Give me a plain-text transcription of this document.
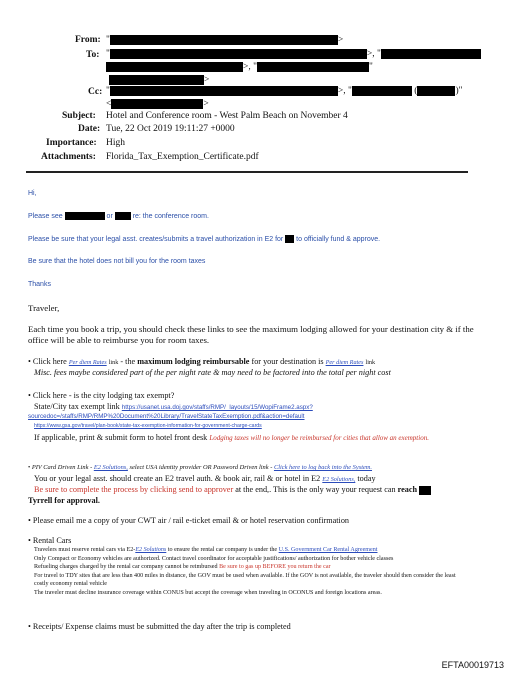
From: "	>
To: "	>, "
>, "	"
>
Cc: "	>, "	(	)"
<	>
Subject: Hotel and Conference room - West Palm Beach on November 4
Date: Tue, 22 Oct 2019 19:11:27 +0000
Importance: High
Attachments: Florida_Tax_Exemption_Certificate.pdf
Hi,
Please see	or	re: the conference room.
Please be sure that your legal asst. creates/submits a travel authorization in E2 for to officially fund & approve.
Be sure that the hotel does not bill you for the room taxes
Thanks
Traveler,
Each time you book a trip, you should check these links to see the maximum lodging allowed for your destination city & if the office will be able to reimburse you for room taxes.
• Click here Per diem Rates link - the maximum lodging reimbursable for your destination is Per diem Rates link
Misc. fees maybe considered part of the per night rate & may need to be factored into the total per night cost
• Click here - is the city lodging tax exempt?
State/City tax exempt link https://usanet.usa.doj.gov/staffs/RMP/_layouts/15/WopiFrame2.aspx?
sourcedoc=/staffs/RMP/RMP%20Document%20Library/TravelStateTaxExemption.pdf&action=default
https://www.gsa.gov/travel/plan-book/state-tax-exemption-information-for-government-charge-cards
If applicable, print & submit form to hotel front desk Lodging taxes will no longer be reimbursed for cities that allow an exemption.
• PIV Card Driven Link - E2 Solutions, select USA identity provider OR Password Driven link - Click here to log back into the System.
You or your legal asst. should create an E2 travel auth. & book air, rail & or hotel in E2 E2 Solutions, today
Be sure to complete the process by clicking send to approver at the end,. This is the only way your request can reach
Tyrrell for approval.
• Please email me a copy of your CWT air / rail e-ticket email & or hotel reservation confirmation
• Rental Cars

Travelers must reserve rental cars via E2-E2 Solutions to ensure the rental car company is under the U.S. Government Car Rental Agreement

Only Compact or Economy vehicles are authorized. Contact travel coordinator for acceptable justifications/ authorization for bother vehicle classes

Refueling charges charged by the rental car company cannot be reimbursed Be sure to gas up BEFORE you return the car

For travel to TDY sites that are less than 400 miles in distance, the GOV must be used when available. If the GOV is not available, the traveler should then consider the least

costly economy rental vehicle

The traveler must decline insurance coverage within CONUS but accept the coverage when traveling in OCONUS and foreign locations areas.

• Receipts/ Expense claims must be submitted the day after the trip is completed
EFTA00019713
